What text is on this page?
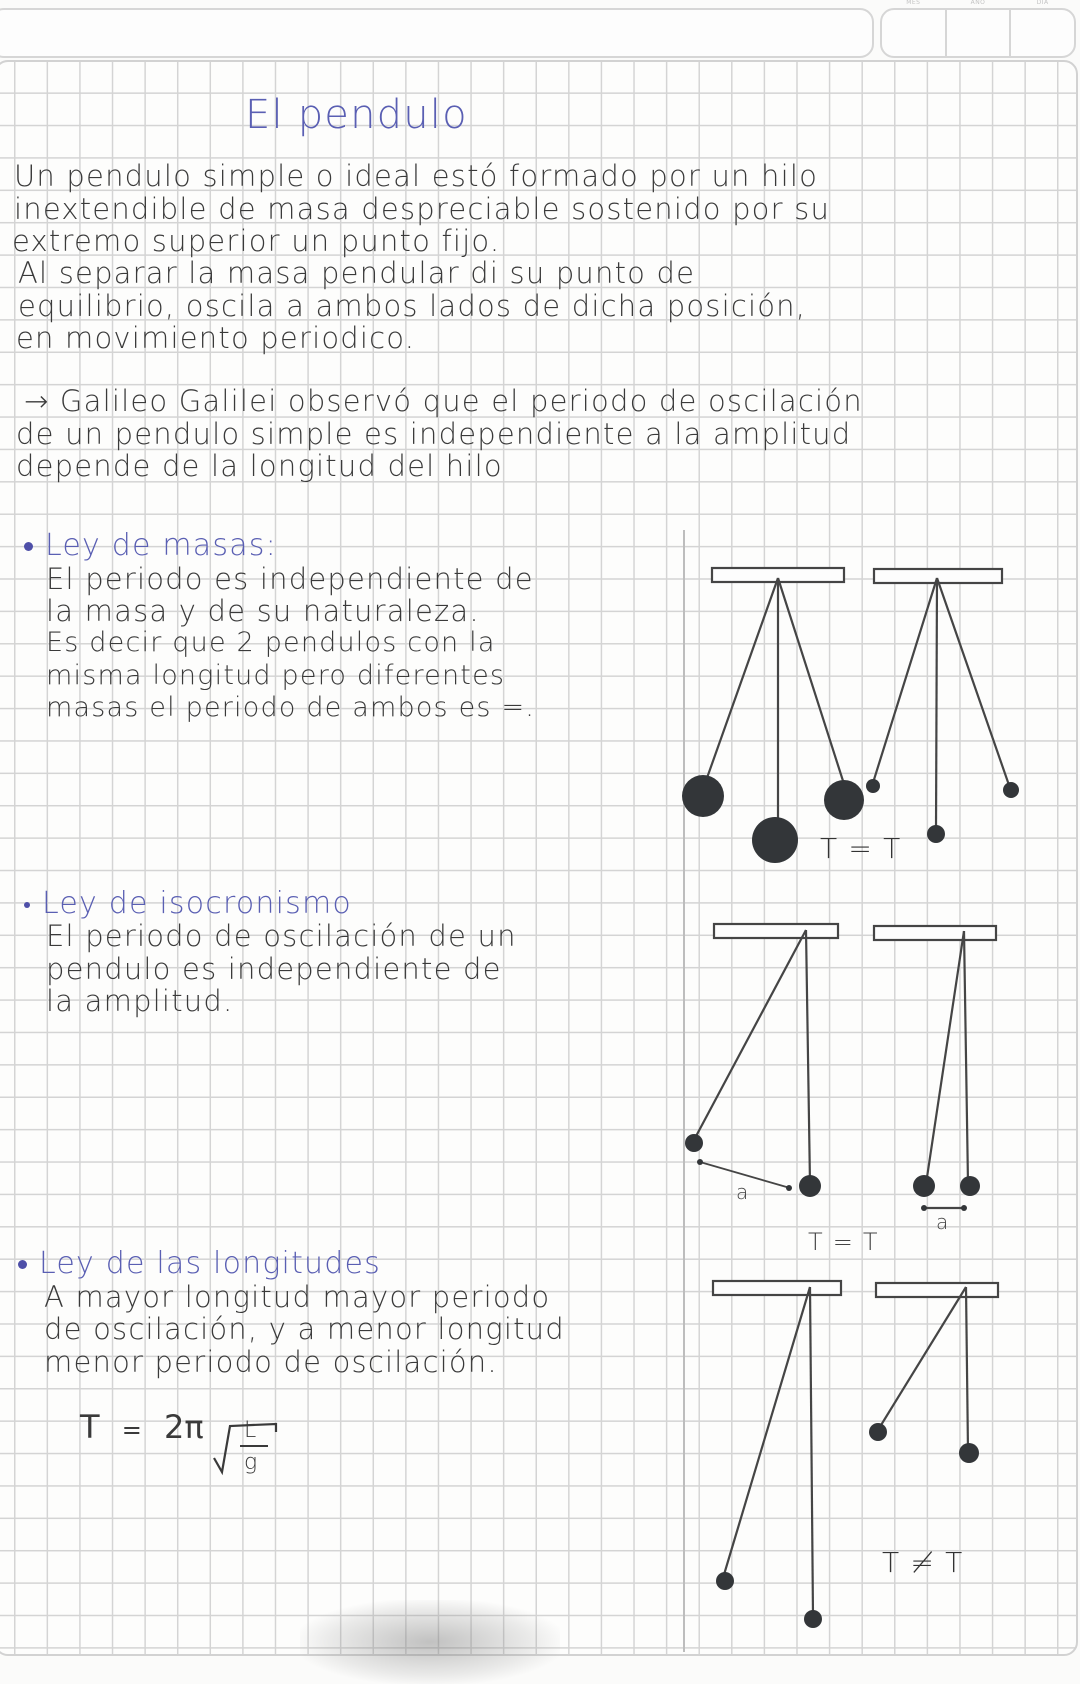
MES	AÑO	DÍA
El pendulo
Un pendulo simple o ideal estó formado por un hilo
inextendible de masa despreciable sostenido por su
extremo superior un punto fijo.
Al separar la masa pendular di su punto de
equilibrio, oscila a ambos lados de dicha posición,
en movimiento periodico.
→ Galileo Galilei observó que el periodo de oscilación
de un pendulo simple es independiente a la amplitud
depende de la longitud del hilo
Ley de masas:
El periodo es independiente de
la masa y de su naturaleza.
Es decir que 2 pendulos con la
misma longitud pero diferentes
masas el periodo de ambos es =.
Ley de isocronismo
El periodo de oscilación de un
pendulo es independiente de
la amplitud.
Ley de las longitudes
A mayor longitud mayor periodo
de oscilación, y a menor longitud
menor periodo de oscilación.
T = 2π L
g
T = T
a
a
T = T
T ≠ T
